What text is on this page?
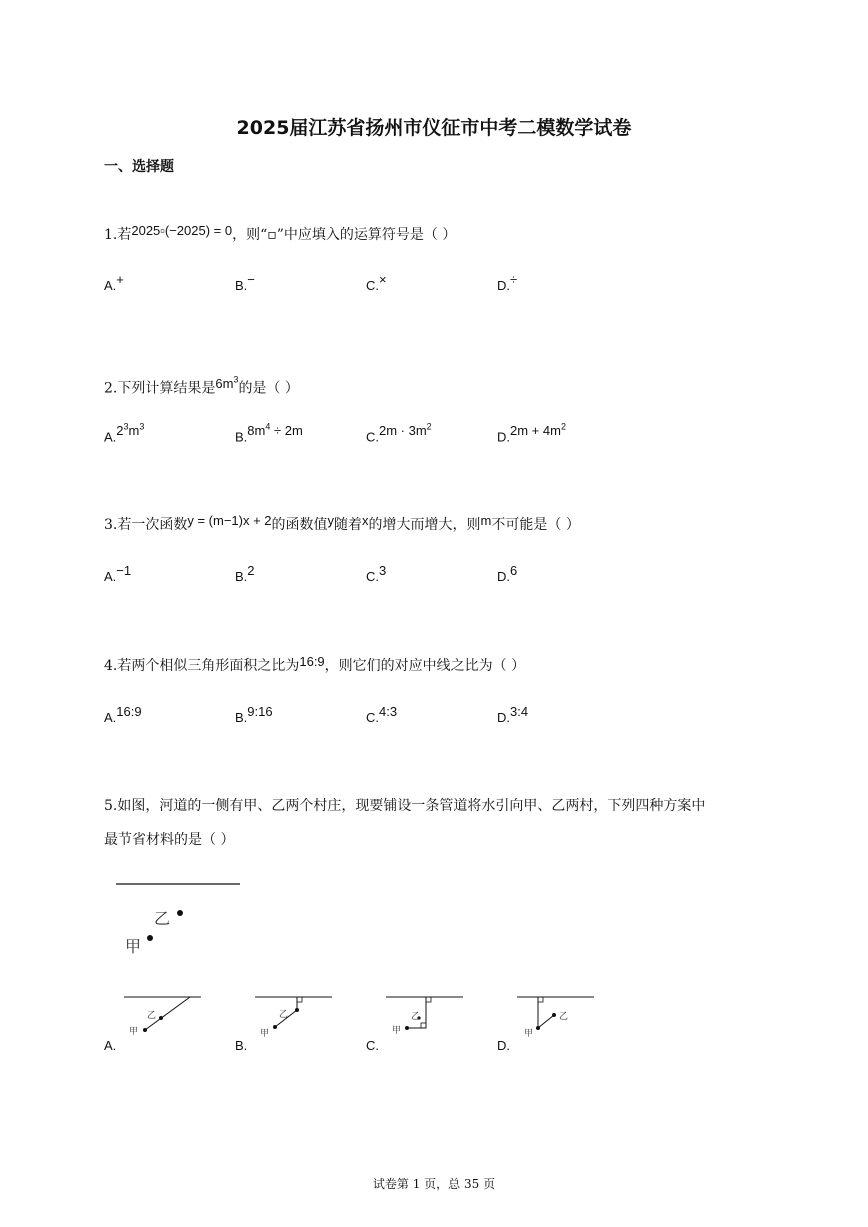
2025届江苏省扬州市仪征市中考二模数学试卷
一、选择题
1.若2025▫(−2025) = 0，则“▫”中应填入的运算符号是（ ）
A.+	B.−	C.×	D.÷
2.下列计算结果是$6m^3$的是（ ）
$A.2^3m^3$
$B.8m^4 \div 2m$	$C.2m \cdot 3m^2$
$D.2m + 4m^2$
3.若一次函数y = (m−1)x + 2的函数值y随着x的增大而增大，则m不可能是（ ）
A.−1	B.2	C.3	D.6
4.若两个相似三角形面积之比为16:9，则它们的对应中线之比为（ ）
A.16:9	B.9:16	C.4:3	D.3:4
5.如图，河道的一侧有甲、乙两个村庄，现要铺设一条管道将水引向甲、乙两村，下列四种方案中
最节省材料的是（ ）
乙
甲
乙
甲
A.
乙
甲
B.
乙
甲
C.
乙
甲
D.
试卷第 1 页，总 35 页
